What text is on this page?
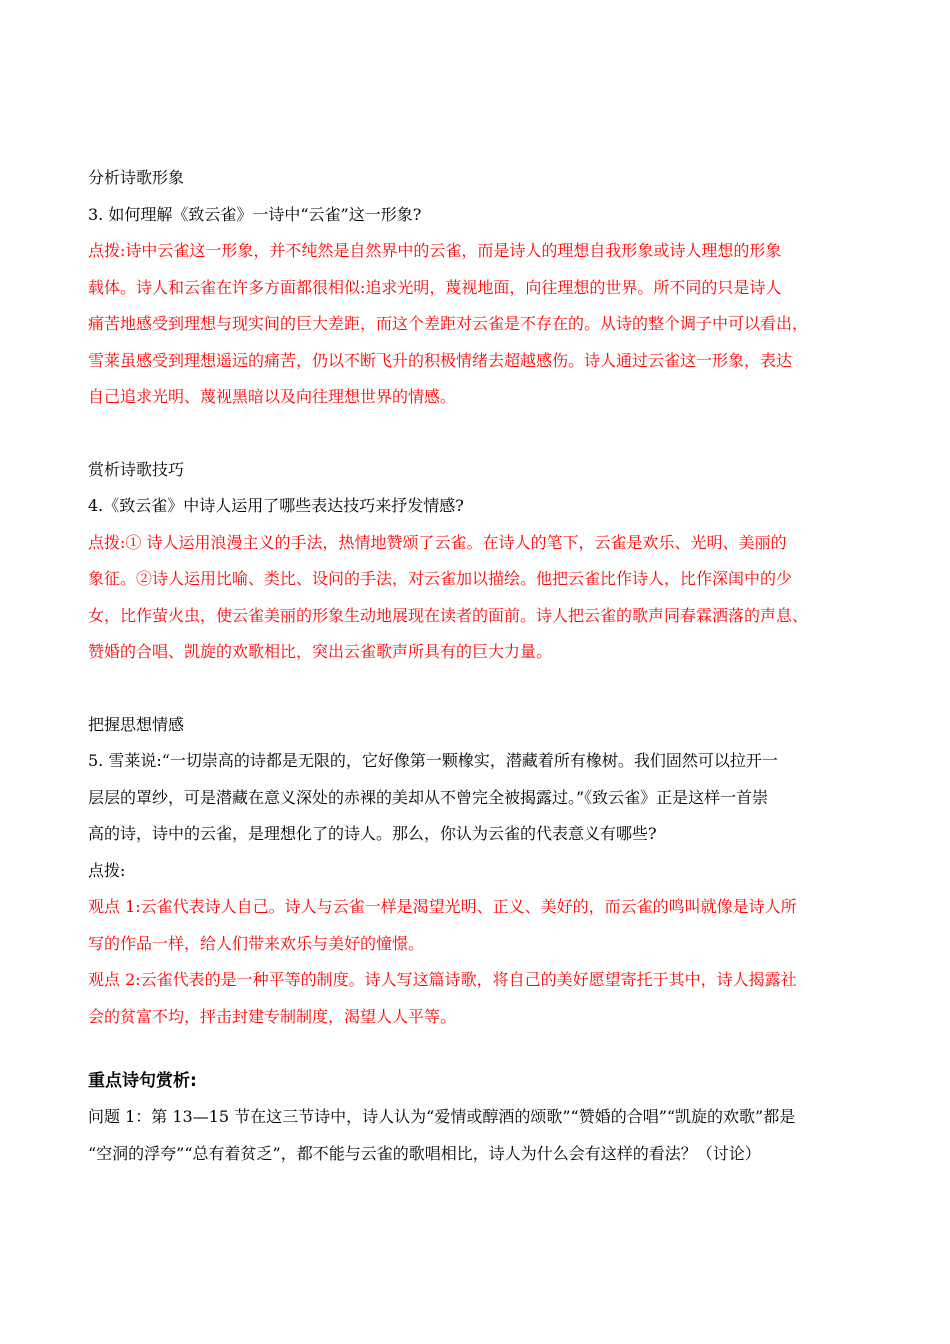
分析诗歌形象
3. 如何理解《致云雀》一诗中“云雀”这一形象?
点拨:诗中云雀这一形象，并不纯然是自然界中的云雀，而是诗人的理想自我形象或诗人理想的形象
载体。诗人和云雀在许多方面都很相似:追求光明，蔑视地面，向往理想的世界。所不同的只是诗人
痛苦地感受到理想与现实间的巨大差距，而这个差距对云雀是不存在的。从诗的整个调子中可以看出，
雪莱虽感受到理想遥远的痛苦，仍以不断飞升的积极情绪去超越感伤。诗人通过云雀这一形象，表达
自己追求光明、蔑视黑暗以及向往理想世界的情感。
赏析诗歌技巧
4.《致云雀》中诗人运用了哪些表达技巧来抒发情感?
点拨:① 诗人运用浪漫主义的手法，热情地赞颂了云雀。在诗人的笔下，云雀是欢乐、光明、美丽的
象征。②诗人运用比喻、类比、设问的手法，对云雀加以描绘。他把云雀比作诗人，比作深闺中的少
女，比作萤火虫，使云雀美丽的形象生动地展现在读者的面前。诗人把云雀的歌声同春霖洒落的声息、
赞婚的合唱、凯旋的欢歌相比，突出云雀歌声所具有的巨大力量。
把握思想情感
5. 雪莱说:“一切崇高的诗都是无限的，它好像第一颗橡实，潜藏着所有橡树。我们固然可以拉开一
层层的罩纱，可是潜藏在意义深处的赤裸的美却从不曾完全被揭露过。”《致云雀》正是这样一首崇
高的诗，诗中的云雀，是理想化了的诗人。那么，你认为云雀的代表意义有哪些?
点拨:
观点 1:云雀代表诗人自己。诗人与云雀一样是渴望光明、正义、美好的，而云雀的鸣叫就像是诗人所
写的作品一样，给人们带来欢乐与美好的憧憬。
观点 2:云雀代表的是一种平等的制度。诗人写这篇诗歌，将自己的美好愿望寄托于其中，诗人揭露社
会的贫富不均，抨击封建专制制度，渴望人人平等。
重点诗句赏析:
问题 1：第 13—15 节在这三节诗中，诗人认为“爱情或醇酒的颂歌”“赞婚的合唱”“凯旋的欢歌”都是
“空洞的浮夸”“总有着贫乏”，都不能与云雀的歌唱相比，诗人为什么会有这样的看法？（讨论）
